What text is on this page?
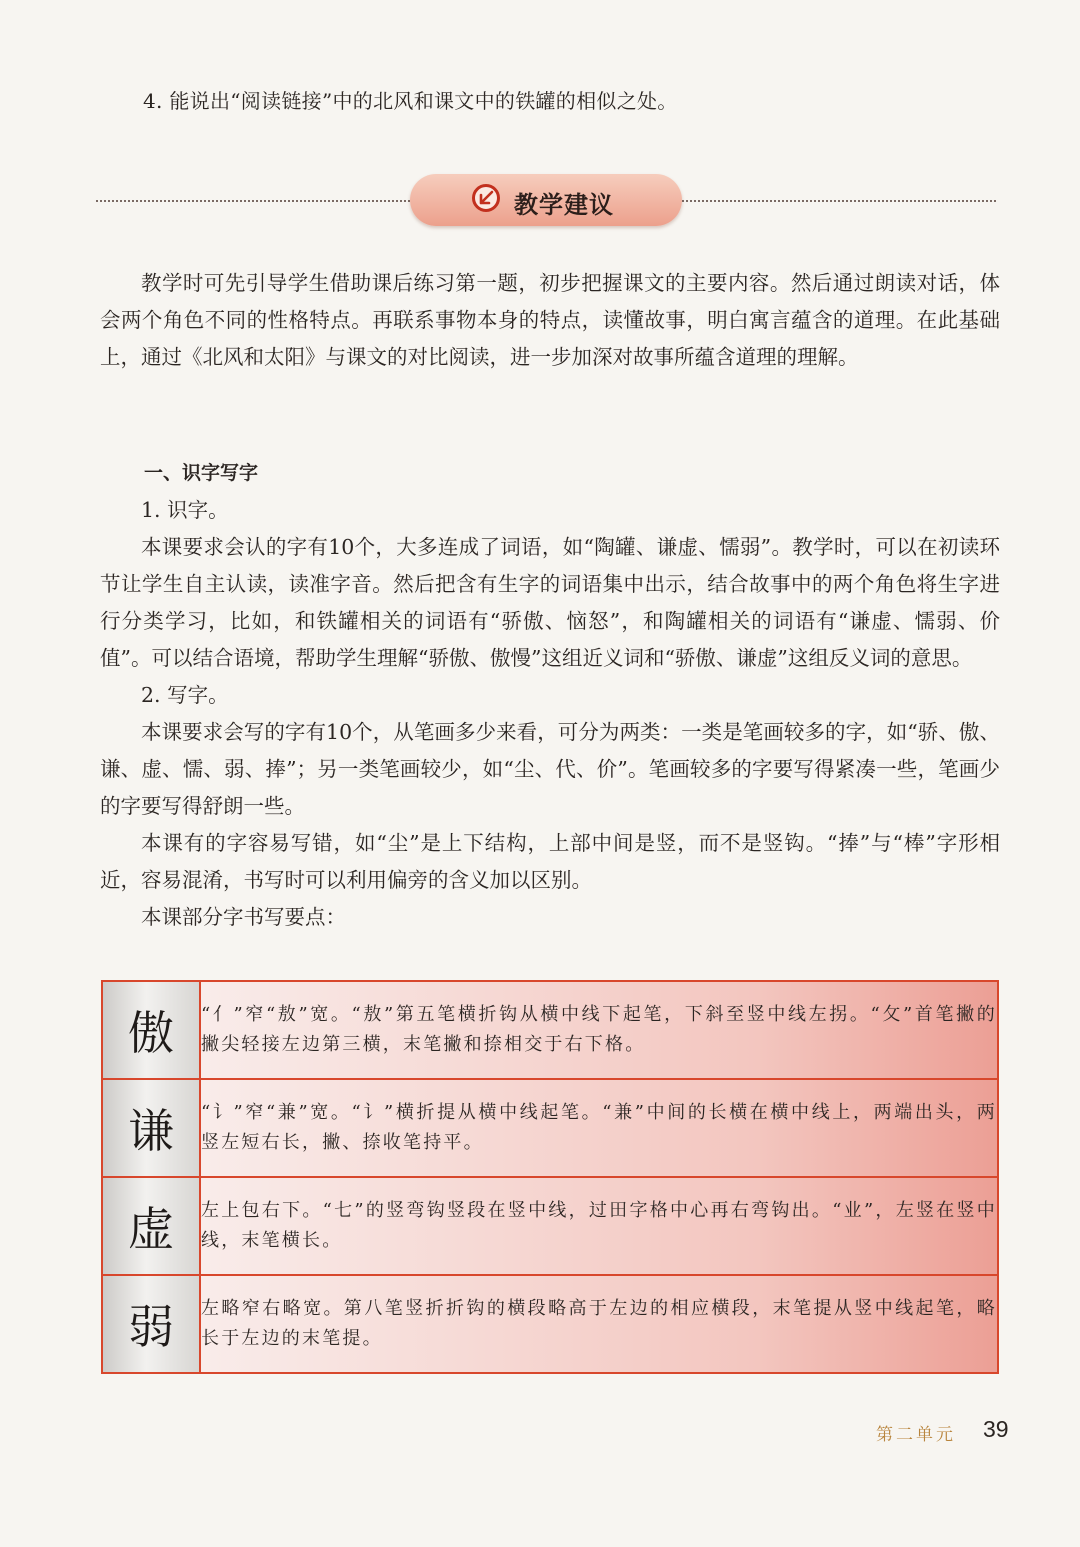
4. 能说出“阅读链接”中的北风和课文中的铁罐的相似之处。
教学建议

教学时可先引导学生借助课后练习第一题，初步把握课文的主要内容。然后通过朗读对话，体会两个角色不同的性格特点。再联系事物本身的特点，读懂故事，明白寓言蕴含的道理。在此基础上，通过《北风和太阳》与课文的对比阅读，进一步加深对故事所蕴含道理的理解。

一、识字写字

1. 识字。

本课要求会认的字有10个，大多连成了词语，如“陶罐、谦虚、懦弱”。教学时，可以在初读环节让学生自主认读，读准字音。然后把含有生字的词语集中出示，结合故事中的两个角色将生字进行分类学习，比如，和铁罐相关的词语有“骄傲、恼怒”，和陶罐相关的词语有“谦虚、懦弱、价值”。可以结合语境，帮助学生理解“骄傲、傲慢”这组近义词和“骄傲、谦虚”这组反义词的意思。

2. 写字。

本课要求会写的字有10个，从笔画多少来看，可分为两类：一类是笔画较多的字，如“骄、傲、谦、虚、懦、弱、捧”；另一类笔画较少，如“尘、代、价”。笔画较多的字要写得紧凑一些，笔画少的字要写得舒朗一些。

本课有的字容易写错，如“尘”是上下结构，上部中间是竖，而不是竖钩。“捧”与“棒”字形相近，容易混淆，书写时可以利用偏旁的含义加以区别。

本课部分字书写要点：

傲	“亻”窄“敖”宽。“敖”第五笔横折钩从横中线下起笔，下斜至竖中线左拐。“攵”首笔撇的撇尖轻接左边第三横，末笔撇和捺相交于右下格。
谦	“讠”窄“兼”宽。“讠”横折提从横中线起笔。“兼”中间的长横在横中线上，两端出头，两竖左短右长，撇、捺收笔持平。
虚	左上包右下。“七”的竖弯钩竖段在竖中线，过田字格中心再右弯钩出。“业”，左竖在竖中线，末笔横长。
弱	左略窄右略宽。第八笔竖折折钩的横段略高于左边的相应横段，末笔提从竖中线起笔，略长于左边的末笔提。
第二单元 39
